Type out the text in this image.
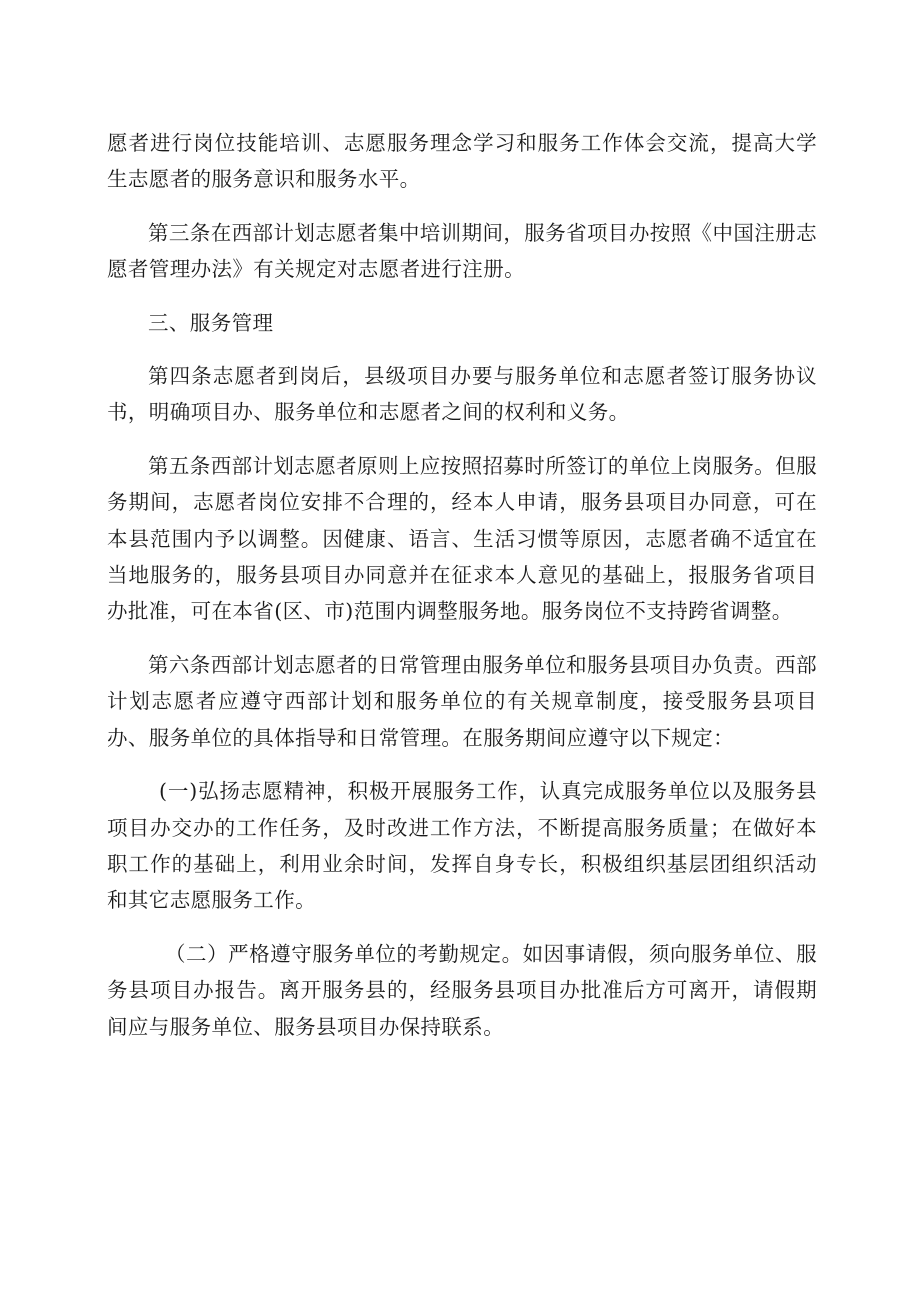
愿者进行岗位技能培训、志愿服务理念学习和服务工作体会交流，提高大学生志愿者的服务意识和服务水平。

第三条在西部计划志愿者集中培训期间，服务省项目办按照《中国注册志愿者管理办法》有关规定对志愿者进行注册。

三、服务管理

第四条志愿者到岗后，县级项目办要与服务单位和志愿者签订服务协议书，明确项目办、服务单位和志愿者之间的权利和义务。

第五条西部计划志愿者原则上应按照招募时所签订的单位上岗服务。但服务期间，志愿者岗位安排不合理的，经本人申请，服务县项目办同意，可在本县范围内予以调整。因健康、语言、生活习惯等原因，志愿者确不适宜在当地服务的，服务县项目办同意并在征求本人意见的基础上，报服务省项目办批准，可在本省(区、市)范围内调整服务地。服务岗位不支持跨省调整。

第六条西部计划志愿者的日常管理由服务单位和服务县项目办负责。西部计划志愿者应遵守西部计划和服务单位的有关规章制度，接受服务县项目办、服务单位的具体指导和日常管理。在服务期间应遵守以下规定：

(一)弘扬志愿精神，积极开展服务工作，认真完成服务单位以及服务县项目办交办的工作任务，及时改进工作方法，不断提高服务质量；在做好本职工作的基础上，利用业余时间，发挥自身专长，积极组织基层团组织活动和其它志愿服务工作。

（二）严格遵守服务单位的考勤规定。如因事请假，须向服务单位、服务县项目办报告。离开服务县的，经服务县项目办批准后方可离开，请假期间应与服务单位、服务县项目办保持联系。
